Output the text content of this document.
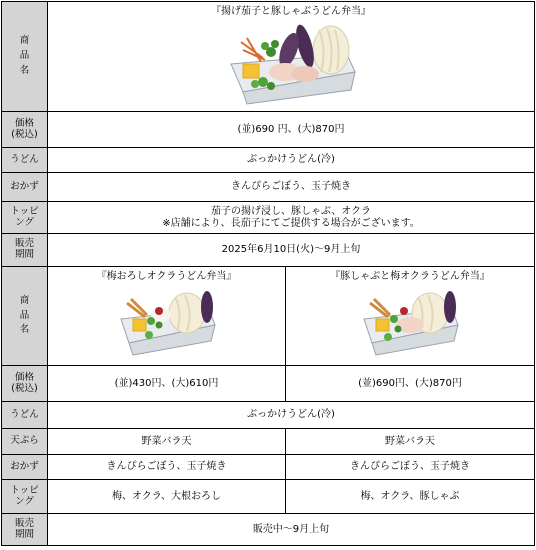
商
品
名	『揚げ茄子と豚しゃぶうどん弁当』	

価格
(税込)	(並)690 円、(大)870円	
うどん	ぶっかけうどん(冷)	
おかず	きんぴらごぼう、玉子焼き	

トッピ
ング	茄子の揚げ浸し、豚しゃぶ、オクラ
※店舗により、長茄子にてご提供する場合がございます。	

販売
期間	2025年6月10日(火)～9月上旬	

商
品
名	『梅おろしオクラうどん弁当』	『豚しゃぶと梅オクラうどん弁当』

価格
(税込)	(並)430円、(大)610円	(並)690円、(大)870円
うどん	ぶっかけうどん(冷)	
天ぷら	野菜バラ天	野菜バラ天
おかず	きんぴらごぼう、玉子焼き	きんぴらごぼう、玉子焼き

トッピ
ング	梅、オクラ、大根おろし	梅、オクラ、豚しゃぶ

販売
期間	販売中～9月上旬	
